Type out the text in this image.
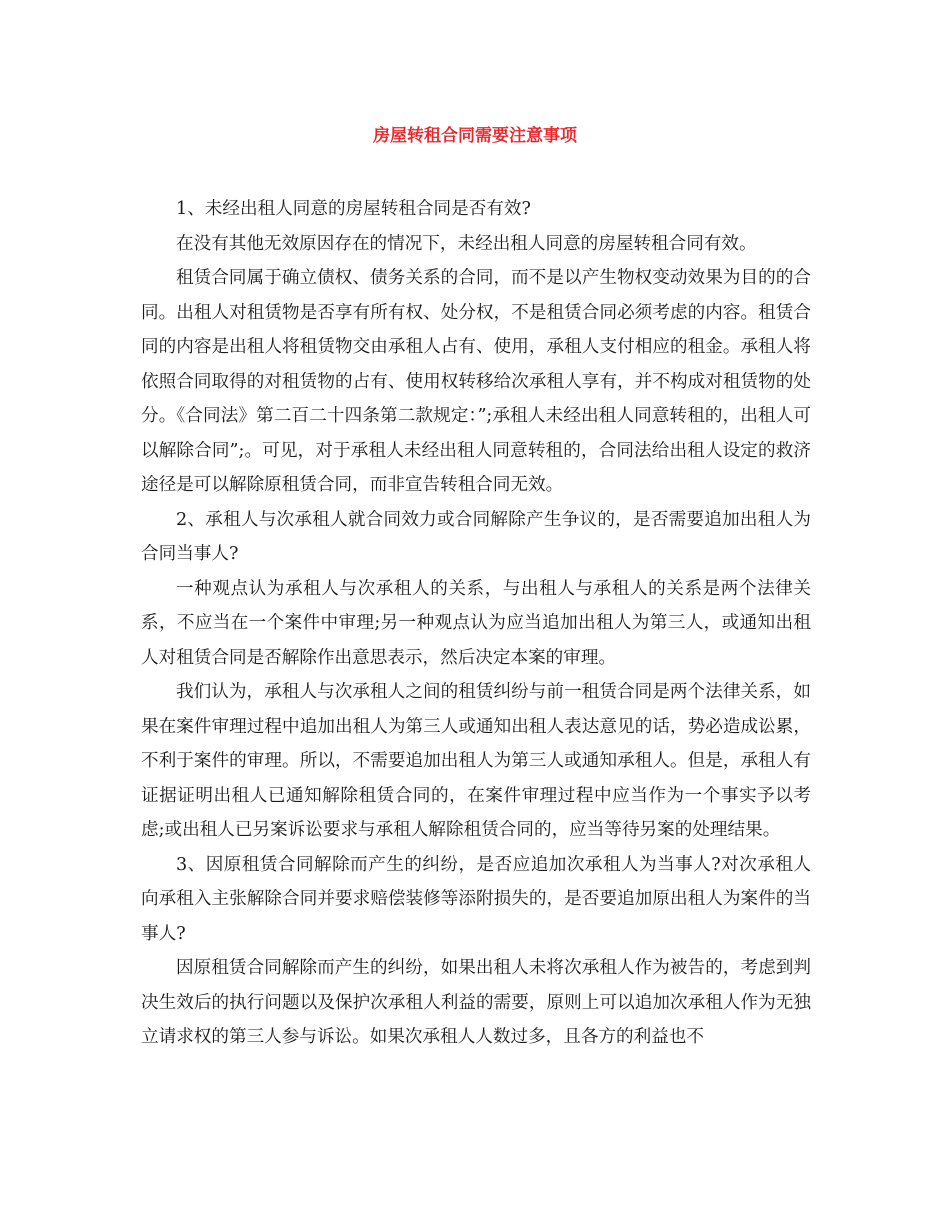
房屋转租合同需要注意事项

1、未经出租人同意的房屋转租合同是否有效?

在没有其他无效原因存在的情况下，未经出租人同意的房屋转租合同有效。

租赁合同属于确立债权、债务关系的合同，而不是以产生物权变动效果为目的的合同。出租人对租赁物是否享有所有权、处分权，不是租赁合同必须考虑的内容。租赁合同的内容是出租人将租赁物交由承租人占有、使用，承租人支付相应的租金。承租人将依照合同取得的对租赁物的占有、使用权转移给次承租人享有，并不构成对租赁物的处分。《合同法》第二百二十四条第二款规定：”;承租人未经出租人同意转租的，出租人可以解除合同”;。可见，对于承租人未经出租人同意转租的，合同法给出租人设定的救济途径是可以解除原租赁合同，而非宣告转租合同无效。

2、承租人与次承租人就合同效力或合同解除产生争议的，是否需要追加出租人为合同当事人?

一种观点认为承租人与次承租人的关系，与出租人与承租人的关系是两个法律关系，不应当在一个案件中审理;另一种观点认为应当追加出租人为第三人，或通知出租人对租赁合同是否解除作出意思表示，然后决定本案的审理。

我们认为，承租人与次承租人之间的租赁纠纷与前一租赁合同是两个法律关系，如果在案件审理过程中追加出租人为第三人或通知出租人表达意见的话，势必造成讼累，不利于案件的审理。所以，不需要追加出租人为第三人或通知承租人。但是，承租人有证据证明出租人已通知解除租赁合同的，在案件审理过程中应当作为一个事实予以考虑;或出租人已另案诉讼要求与承租人解除租赁合同的，应当等待另案的处理结果。

3、因原租赁合同解除而产生的纠纷，是否应追加次承租人为当事人?对次承租人向承租入主张解除合同并要求赔偿装修等添附损失的，是否要追加原出租人为案件的当事人?

因原租赁合同解除而产生的纠纷，如果出租人未将次承租人作为被告的，考虑到判决生效后的执行问题以及保护次承租人利益的需要，原则上可以追加次承租人作为无独立请求权的第三人参与诉讼。如果次承租人人数过多，且各方的利益也不
